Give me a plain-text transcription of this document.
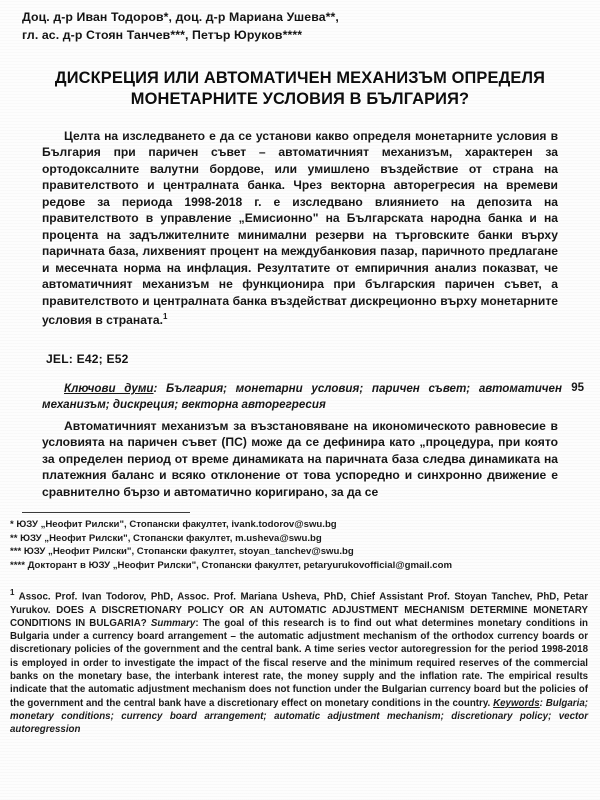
Доц. д-р Иван Тодоров*, доц. д-р Мариана Ушева**,
гл. ас. д-р Стоян Танчев***, Петър Юруков****
ДИСКРЕЦИЯ ИЛИ АВТОМАТИЧЕН МЕХАНИЗЪМ ОПРЕДЕЛЯ
МОНЕТАРНИТЕ УСЛОВИЯ В БЪЛГАРИЯ?
Целта на изследването е да се установи какво определя монетарните условия в България при паричен съвет – автоматичният механизъм, характерен за ортодоксалните валутни бордове, или умишлено въздействие от страна на правителството и централната банка. Чрез векторна авторегресия на времеви редове за периода 1998-2018 г. е изследвано влиянието на депозита на правителството в управление „Емисионно" на Българската народна банка и на процента на задължителните минимални резерви на търговските банки върху паричната база, лихвеният процент на междубанковия пазар, паричното предлагане и месечната норма на инфлация. Резултатите от емпиричния анализ показват, че автоматичният механизъм не функционира при българския паричен съвет, а правителството и централната банка въздействат дискреционно върху монетарните условия в страната.$^1$
JEL: E42; E52
Ключови думи: България; монетарни условия; паричен съвет; автоматичен механизъм; дискреция; векторна авторегресия
95
Автоматичният механизъм за възстановяване на икономическото равновесие в условията на паричен съвет (ПС) може да се дефинира като „процедура, при която за определен период от време динамиката на паричната база следва динамиката на платежния баланс и всяко отклонение от това успоредно и синхронно движение е сравнително бързо и автоматично коригирано, за да се
* ЮЗУ „Неофит Рилски", Стопански факултет, ivank.todorov@swu.bg
** ЮЗУ „Неофит Рилски", Стопански факултет, m.usheva@swu.bg
*** ЮЗУ „Неофит Рилски", Стопански факултет, stoyan_tanchev@swu.bg
**** Докторант в ЮЗУ „Неофит Рилски", Стопански факултет, petaryurukovofficial@gmail.com
$^1$ Assoc. Prof. Ivan Todorov, PhD, Assoc. Prof. Mariana Usheva, PhD, Chief Assistant Prof. Stoyan Tanchev, PhD, Petar Yurukov. DOES A DISCRETIONARY POLICY OR AN AUTOMATIC ADJUSTMENT MECHANISM DETERMINE MONETARY CONDITIONS IN BULGARIA? Summary: The goal of this research is to find out what determines monetary conditions in Bulgaria under a currency board arrangement – the automatic adjustment mechanism of the orthodox currency boards or discretionary policies of the government and the central bank. A time series vector autoregression for the period 1998-2018 is employed in order to investigate the impact of the fiscal reserve and the minimum required reserves of the commercial banks on the monetary base, the interbank interest rate, the money supply and the inflation rate. The empirical results indicate that the automatic adjustment mechanism does not function under the Bulgarian currency board but the policies of the government and the central bank have a discretionary effect on monetary conditions in the country. Keywords: Bulgaria; monetary conditions; currency board arrangement; automatic adjustment mechanism; discretionary policy; vector autoregression
